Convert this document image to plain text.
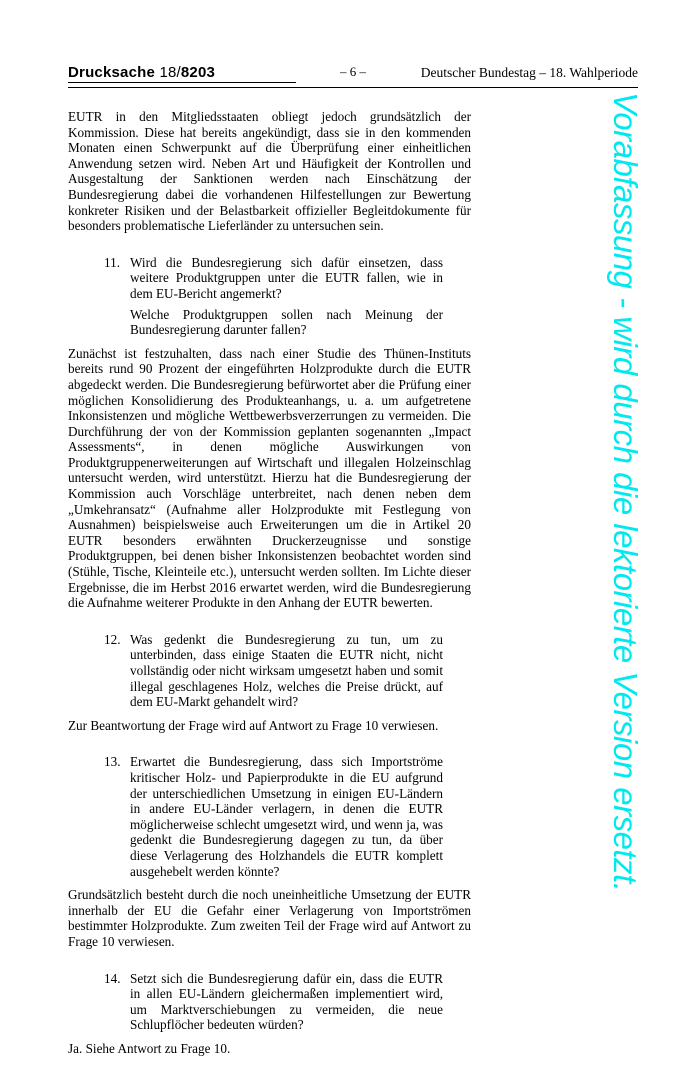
Drucksache 18/8203	– 6 –	Deutscher Bundestag – 18. Wahlperiode

EUTR in den Mitgliedsstaaten obliegt jedoch grundsätzlich der Kommission. Diese hat bereits angekündigt, dass sie in den kommenden Monaten einen Schwerpunkt auf die Überprüfung einer einheitlichen Anwendung setzen wird. Neben Art und Häufigkeit der Kontrollen und Ausgestaltung der Sanktionen werden nach Einschätzung der Bundesregierung dabei die vorhandenen Hilfestellungen zur Bewertung konkreter Risiken und der Belastbarkeit offizieller Begleitdokumente für besonders problematische Lieferländer zu untersuchen sein.

11. Wird die Bundesregierung sich dafür einsetzen, dass weitere Produktgruppen unter die EUTR fallen, wie in dem EU-Bericht angemerkt?

Welche Produktgruppen sollen nach Meinung der Bundesregierung darunter fallen?

Zunächst ist festzuhalten, dass nach einer Studie des Thünen-Instituts bereits rund 90 Prozent der eingeführten Holzprodukte durch die EUTR abgedeckt werden. Die Bundesregierung befürwortet aber die Prüfung einer möglichen Konsolidierung des Produkteanhangs, u. a. um aufgetretene Inkonsistenzen und mögliche Wettbewerbsverzerrungen zu vermeiden. Die Durchführung der von der Kommission geplanten sogenannten „Impact Assessments“, in denen mögliche Auswirkungen von Produktgruppenerweiterungen auf Wirtschaft und illegalen Holzeinschlag untersucht werden, wird unterstützt. Hierzu hat die Bundesregierung der Kommission auch Vorschläge unterbreitet, nach denen neben dem „Umkehransatz“ (Aufnahme aller Holzprodukte mit Festlegung von Ausnahmen) beispielsweise auch Erweiterungen um die in Artikel 20 EUTR besonders erwähnten Druckerzeugnisse und sonstige Produktgruppen, bei denen bisher Inkonsistenzen beobachtet worden sind (Stühle, Tische, Kleinteile etc.), untersucht werden sollten. Im Lichte dieser Ergebnisse, die im Herbst 2016 erwartet werden, wird die Bundesregierung die Aufnahme weiterer Produkte in den Anhang der EUTR bewerten.

12. Was gedenkt die Bundesregierung zu tun, um zu unterbinden, dass einige Staaten die EUTR nicht, nicht vollständig oder nicht wirksam umgesetzt haben und somit illegal geschlagenes Holz, welches die Preise drückt, auf dem EU-Markt gehandelt wird?

Zur Beantwortung der Frage wird auf Antwort zu Frage 10 verwiesen.

13. Erwartet die Bundesregierung, dass sich Importströme kritischer Holz- und Papierprodukte in die EU aufgrund der unterschiedlichen Umsetzung in einigen EU-Ländern in andere EU-Länder verlagern, in denen die EUTR möglicherweise schlecht umgesetzt wird, und wenn ja, was gedenkt die Bundesregierung dagegen zu tun, da über diese Verlagerung des Holzhandels die EUTR komplett ausgehebelt werden könnte?

Grundsätzlich besteht durch die noch uneinheitliche Umsetzung der EUTR innerhalb der EU die Gefahr einer Verlagerung von Importströmen bestimmter Holzprodukte. Zum zweiten Teil der Frage wird auf Antwort zu Frage 10 verwiesen.

14. Setzt sich die Bundesregierung dafür ein, dass die EUTR in allen EU-Ländern gleichermaßen implementiert wird, um Marktverschiebungen zu vermeiden, die neue Schlupflöcher bedeuten würden?

Ja. Siehe Antwort zu Frage 10.

Vorabfassung - wird durch die lektorierte Version ersetzt.
